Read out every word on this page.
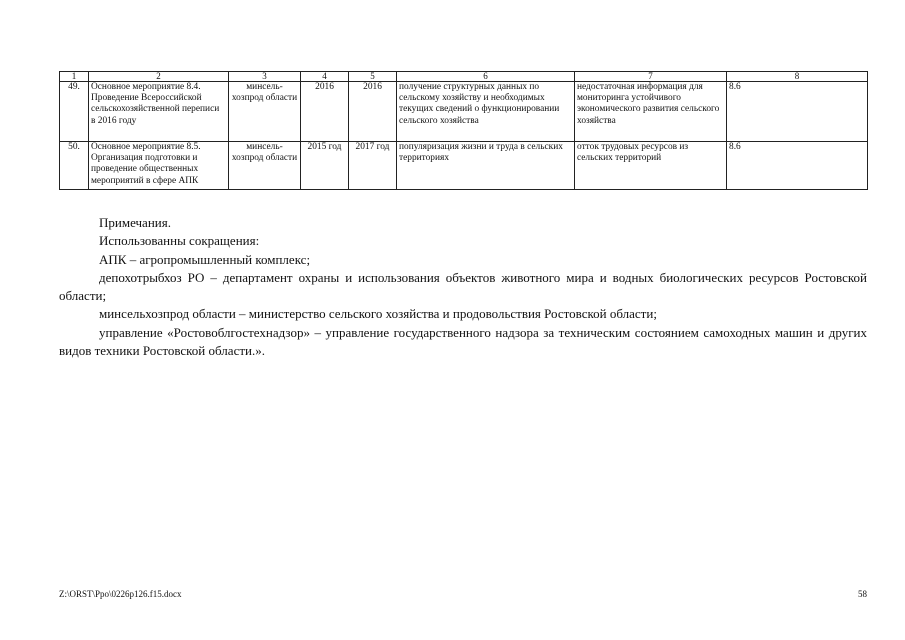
1	2	3	4	5	6	7	8
49.	Основное мероприятие 8.4. Проведение Всероссийской сельскохозяйственной переписи в 2016 году	минсель-хозпрод области	2016	2016	получение структурных данных по сельскому хозяйству и необходимых текущих сведений о функционировании сельского хозяйства	недостаточная информация для мониторинга устойчивого экономического развития сельского хозяйства	8.6
50.	Основное мероприятие 8.5. Организация подготовки и проведение общественных мероприятий в сфере АПК	минсель-хозпрод области	2015 год	2017 год	популяризация жизни и труда в сельских территориях	отток трудовых ресурсов из сельских территорий	8.6

Примечания.

Использованны сокращения:

АПК – агропромышленный комплекс;

депохотрыбхоз РО – департамент охраны и использования объектов животного мира и водных биологических ресурсов Ростовской области;

минсельхозпрод области – министерство сельского хозяйства и продовольствия Ростовской области;

управление «Ростовоблгостехнадзор» – управление государственного надзора за техническим состоянием самоходных машин и других видов техники Ростовской области.».

Z:\ORST\Ppo\0226p126.f15.docx	58
